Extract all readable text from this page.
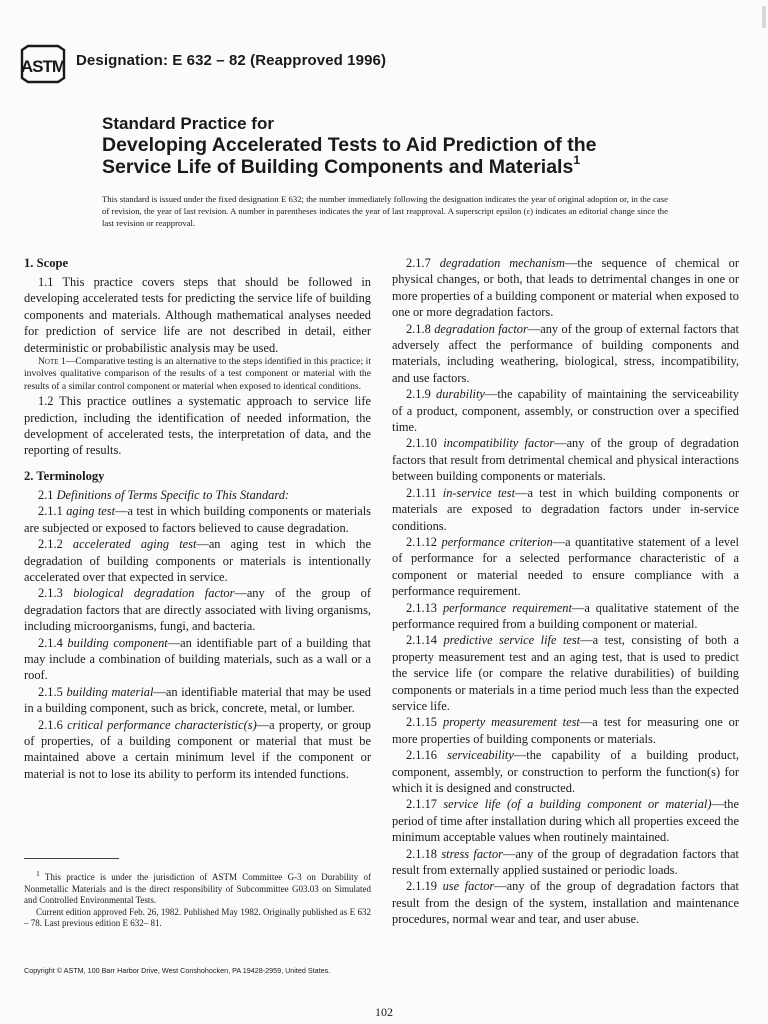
ASTM Designation: E 632 – 82 (Reapproved 1996)
Standard Practice for
Developing Accelerated Tests to Aid Prediction of the
Service Life of Building Components and Materials$^1$
This standard is issued under the fixed designation E 632; the number immediately following the designation indicates the year of original adoption or, in the case of revision, the year of last revision. A number in parentheses indicates the year of last reapproval. A superscript epsilon (ε) indicates an editorial change since the last revision or reapproval.
1. Scope

1.1 This practice covers steps that should be followed in developing accelerated tests for predicting the service life of building components and materials. Although mathematical analyses needed for prediction of service life are not described in detail, either deterministic or probabilistic analysis may be used.

Note 1—Comparative testing is an alternative to the steps identified in this practice; it involves qualitative comparison of the results of a test component or material with the results of a similar control component or material when exposed to identical conditions.

1.2 This practice outlines a systematic approach to service life prediction, including the identification of needed information, the development of accelerated tests, the interpretation of data, and the reporting of results.

2. Terminology

2.1 Definitions of Terms Specific to This Standard:

2.1.1 aging test—a test in which building components or materials are subjected or exposed to factors believed to cause degradation.

2.1.2 accelerated aging test—an aging test in which the degradation of building components or materials is intentionally accelerated over that expected in service.

2.1.3 biological degradation factor—any of the group of degradation factors that are directly associated with living organisms, including microorganisms, fungi, and bacteria.

2.1.4 building component—an identifiable part of a building that may include a combination of building materials, such as a wall or a roof.

2.1.5 building material—an identifiable material that may be used in a building component, such as brick, concrete, metal, or lumber.

2.1.6 critical performance characteristic(s)—a property, or group of properties, of a building component or material that must be maintained above a certain minimum level if the component or material is not to lose its ability to perform its intended functions.

2.1.7 degradation mechanism—the sequence of chemical or physical changes, or both, that leads to detrimental changes in one or more properties of a building component or material when exposed to one or more degradation factors.

2.1.8 degradation factor—any of the group of external factors that adversely affect the performance of building components and materials, including weathering, biological, stress, incompatibility, and use factors.

2.1.9 durability—the capability of maintaining the serviceability of a product, component, assembly, or construction over a specified time.

2.1.10 incompatibility factor—any of the group of degradation factors that result from detrimental chemical and physical interactions between building components or materials.

2.1.11 in-service test—a test in which building components or materials are exposed to degradation factors under in-service conditions.

2.1.12 performance criterion—a quantitative statement of a level of performance for a selected performance characteristic of a component or material needed to ensure compliance with a performance requirement.

2.1.13 performance requirement—a qualitative statement of the performance required from a building component or material.

2.1.14 predictive service life test—a test, consisting of both a property measurement test and an aging test, that is used to predict the service life (or compare the relative durabilities) of building components or materials in a time period much less than the expected service life.

2.1.15 property measurement test—a test for measuring one or more properties of building components or materials.

2.1.16 serviceability—the capability of a building product, component, assembly, or construction to perform the function(s) for which it is designed and constructed.

2.1.17 service life (of a building component or material)—the period of time after installation during which all properties exceed the minimum acceptable values when routinely maintained.

2.1.18 stress factor—any of the group of degradation factors that result from externally applied sustained or periodic loads.

2.1.19 use factor—any of the group of degradation factors that result from the design of the system, installation and maintenance procedures, normal wear and tear, and user abuse.

$^1$ This practice is under the jurisdiction of ASTM Committee G-3 on Durability of Nonmetallic Materials and is the direct responsibility of Subcommittee G03.03 on Simulated and Controlled Environmental Tests.

Current edition approved Feb. 26, 1982. Published May 1982. Originally published as E 632 – 78. Last previous edition E 632– 81.

Copyright © ASTM, 100 Barr Harbor Drive, West Conshohocken, PA 19428-2959, United States.
102
